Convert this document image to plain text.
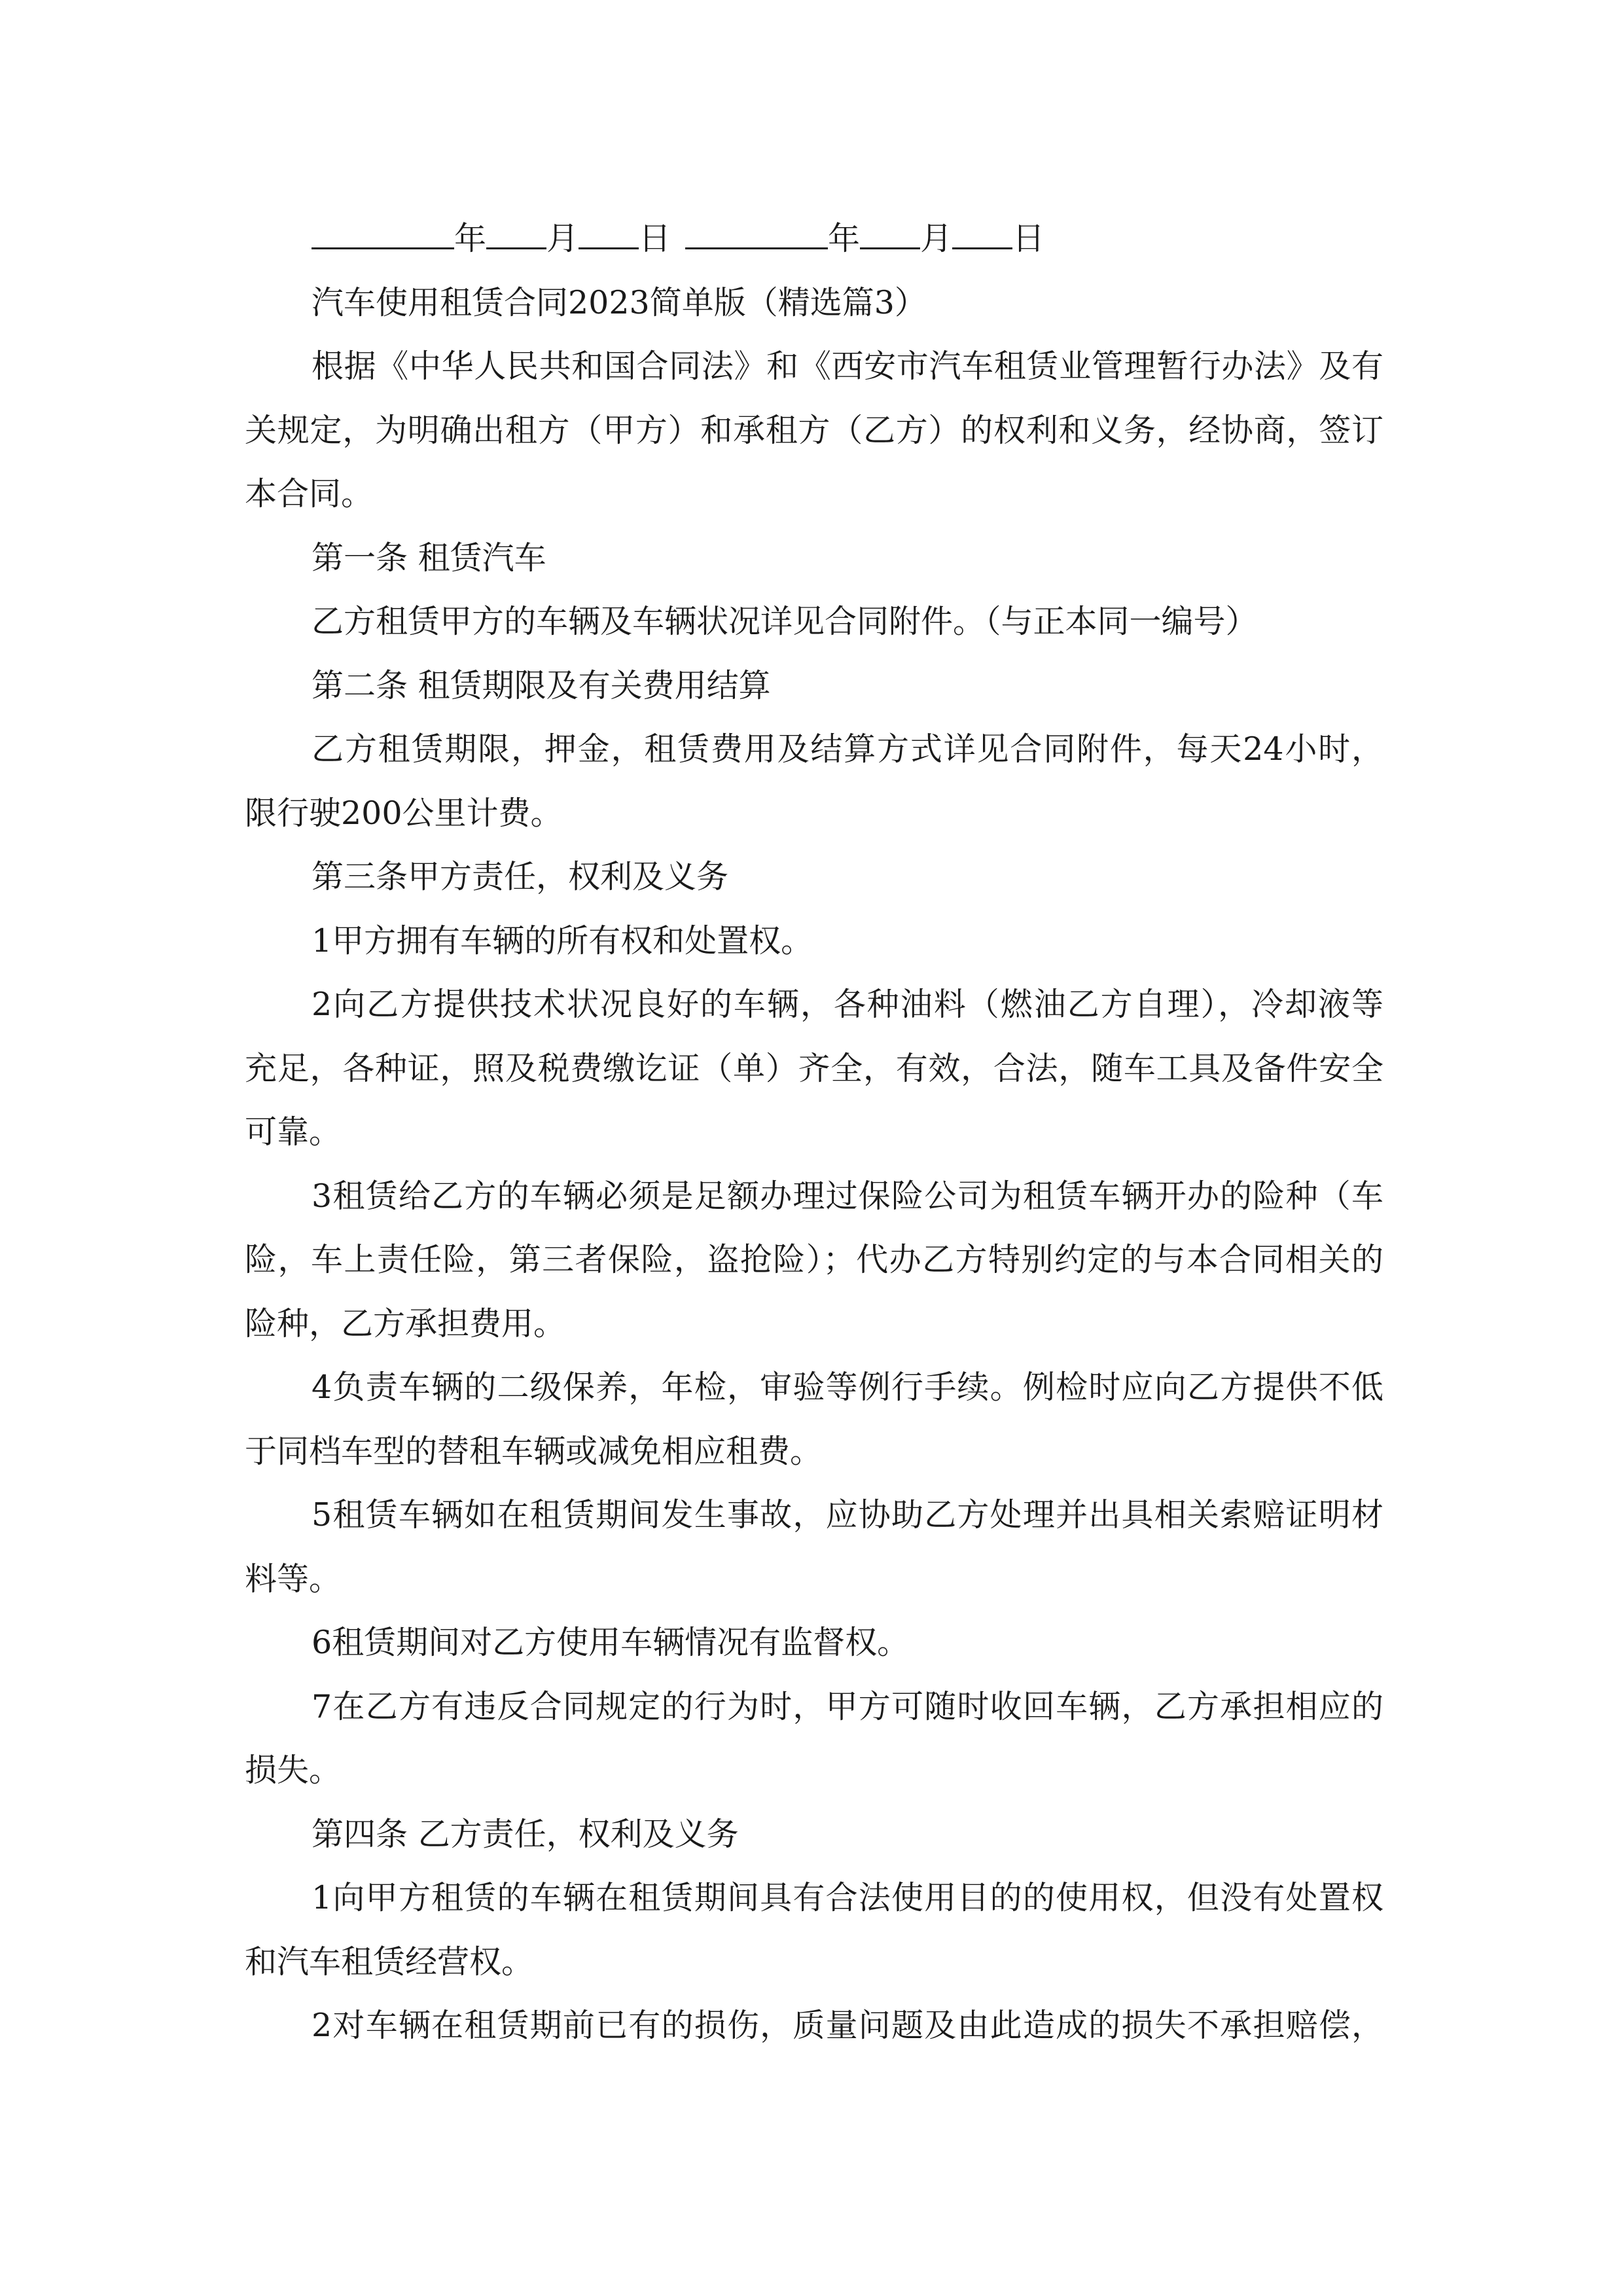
年 月 日	年 月 日
汽车使用租赁合同2023简单版（精选篇3）
根据《中华人民共和国合同法》和《西安市汽车租赁业管理暂行办法》及有
关规定，为明确出租方（甲方）和承租方（乙方）的权利和义务，经协商，签订
本合同。
第一条 租赁汽车
乙方租赁甲方的车辆及车辆状况详见合同附件。（与正本同一编号）
第二条 租赁期限及有关费用结算
乙方租赁期限，押金，租赁费用及结算方式详见合同附件，每天24小时，
限行驶200公里计费。
第三条甲方责任，权利及义务
1甲方拥有车辆的所有权和处置权。
2向乙方提供技术状况良好的车辆，各种油料（燃油乙方自理），冷却液等
充足，各种证，照及税费缴讫证（单）齐全，有效，合法，随车工具及备件安全
可靠。
3租赁给乙方的车辆必须是足额办理过保险公司为租赁车辆开办的险种（车
险，车上责任险，第三者保险，盗抢险）；代办乙方特别约定的与本合同相关的
险种，乙方承担费用。
4负责车辆的二级保养，年检，审验等例行手续。例检时应向乙方提供不低
于同档车型的替租车辆或减免相应租费。
5租赁车辆如在租赁期间发生事故，应协助乙方处理并出具相关索赔证明材
料等。
6租赁期间对乙方使用车辆情况有监督权。
7在乙方有违反合同规定的行为时，甲方可随时收回车辆，乙方承担相应的
损失。
第四条 乙方责任，权利及义务
1向甲方租赁的车辆在租赁期间具有合法使用目的的使用权，但没有处置权
和汽车租赁经营权。
2对车辆在租赁期前已有的损伤，质量问题及由此造成的损失不承担赔偿，
